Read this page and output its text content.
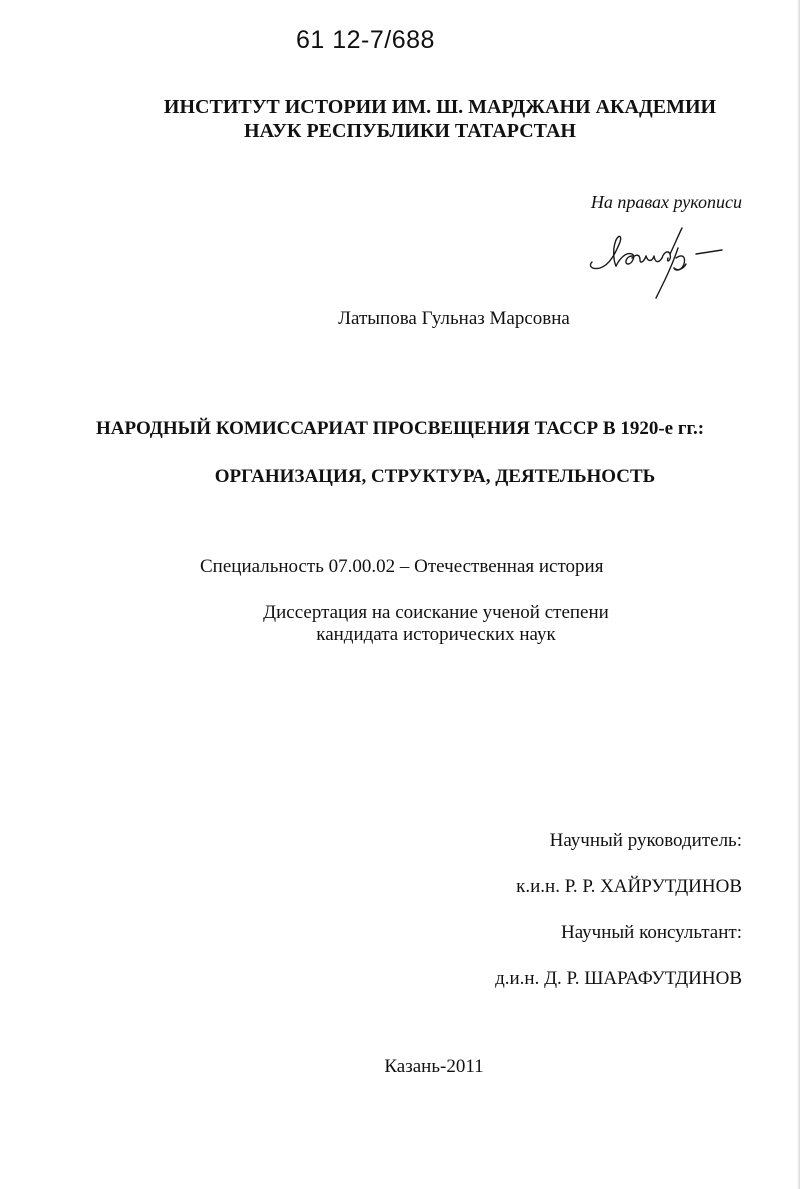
61 12-7/688
ИНСТИТУТ ИСТОРИИ ИМ. Ш. МАРДЖАНИ АКАДЕМИИ
НАУК РЕСПУБЛИКИ ТАТАРСТАН
На правах рукописи
Латыпова Гульназ Марсовна
НАРОДНЫЙ КОМИССАРИАТ ПРОСВЕЩЕНИЯ ТАССР В 1920-е гг.:
ОРГАНИЗАЦИЯ, СТРУКТУРА, ДЕЯТЕЛЬНОСТЬ
Специальность 07.00.02 – Отечественная история
Диссертация на соискание ученой степени
кандидата исторических наук
Научный руководитель:
к.и.н. Р. Р. ХАЙРУТДИНОВ
Научный консультант:
д.и.н. Д. Р. ШАРАФУТДИНОВ
Казань-2011
